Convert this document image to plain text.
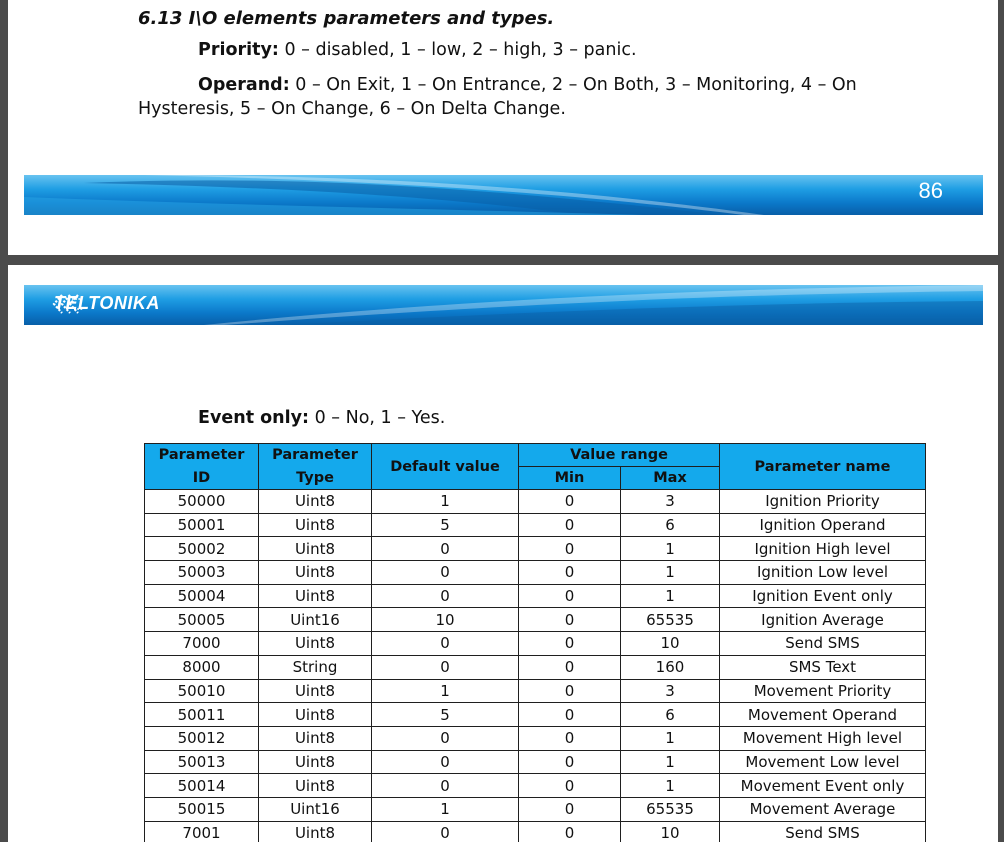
6.13 I\O elements parameters and types.
Priority: 0 – disabled, 1 – low, 2 – high, 3 – panic.
Operand: 0 – On Exit, 1 – On Entrance, 2 – On Both, 3 – Monitoring, 4 – On Hysteresis, 5 – On Change, 6 – On Delta Change.
86
TELTONIKA
Event only: 0 – No, 1 – Yes.
Parameter	Parameter	Default value	Value range		Parameter name
ID	Type		Min	Max	
50000	Uint8	1	0	3	Ignition Priority
50001	Uint8	5	0	6	Ignition Operand
50002	Uint8	0	0	1	Ignition High level
50003	Uint8	0	0	1	Ignition Low level
50004	Uint8	0	0	1	Ignition Event only
50005	Uint16	10	0	65535	Ignition Average
7000	Uint8	0	0	10	Send SMS
8000	String	0	0	160	SMS Text
50010	Uint8	1	0	3	Movement Priority
50011	Uint8	5	0	6	Movement Operand
50012	Uint8	0	0	1	Movement High level
50013	Uint8	0	0	1	Movement Low level
50014	Uint8	0	0	1	Movement Event only
50015	Uint16	1	0	65535	Movement Average
7001	Uint8	0	0	10	Send SMS
